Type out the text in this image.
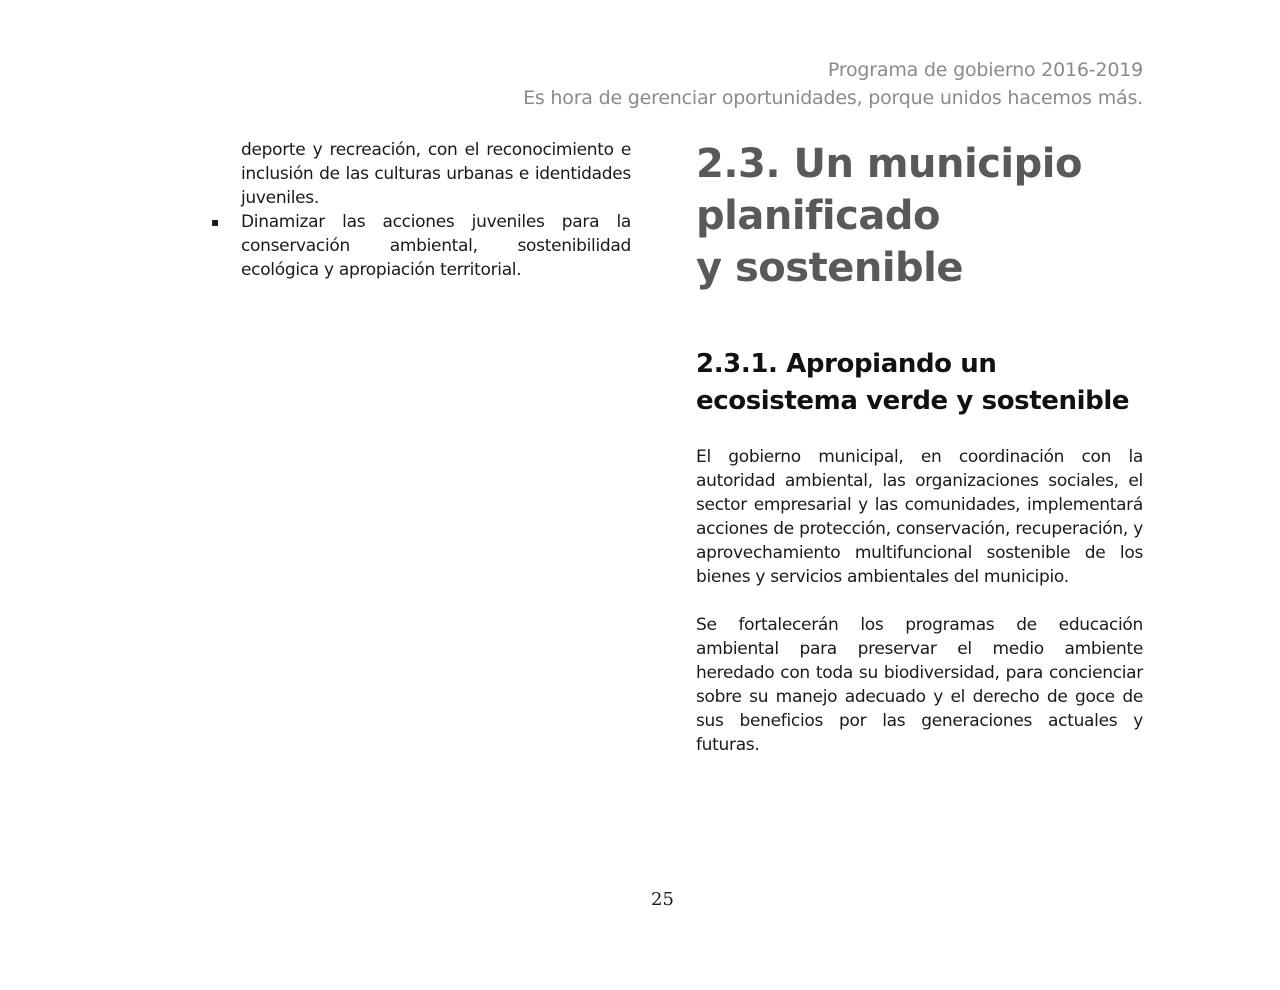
Programa de gobierno 2016-2019
Es hora de gerenciar oportunidades, porque unidos hacemos más.

deporte y recreación, con el reconocimiento e inclusión de las culturas urbanas e identidades juveniles.

▪	Dinamizar las acciones juveniles para la conservación ambiental, sostenibilidad ecológica y apropiación territorial.
2.3. Un municipio
planificado
y sostenible
2.3.1. Apropiando un
ecosistema verde y sostenible

El gobierno municipal, en coordinación con la autoridad ambiental, las organizaciones sociales, el sector empresarial y las comunidades, implementará acciones de protección, conservación, recuperación, y aprovechamiento multifuncional sostenible de los bienes y servicios ambientales del municipio.

Se fortalecerán los programas de educación ambiental para preservar el medio ambiente heredado con toda su biodiversidad, para concienciar sobre su manejo adecuado y el derecho de goce de sus beneficios por las generaciones actuales y futuras.

25
